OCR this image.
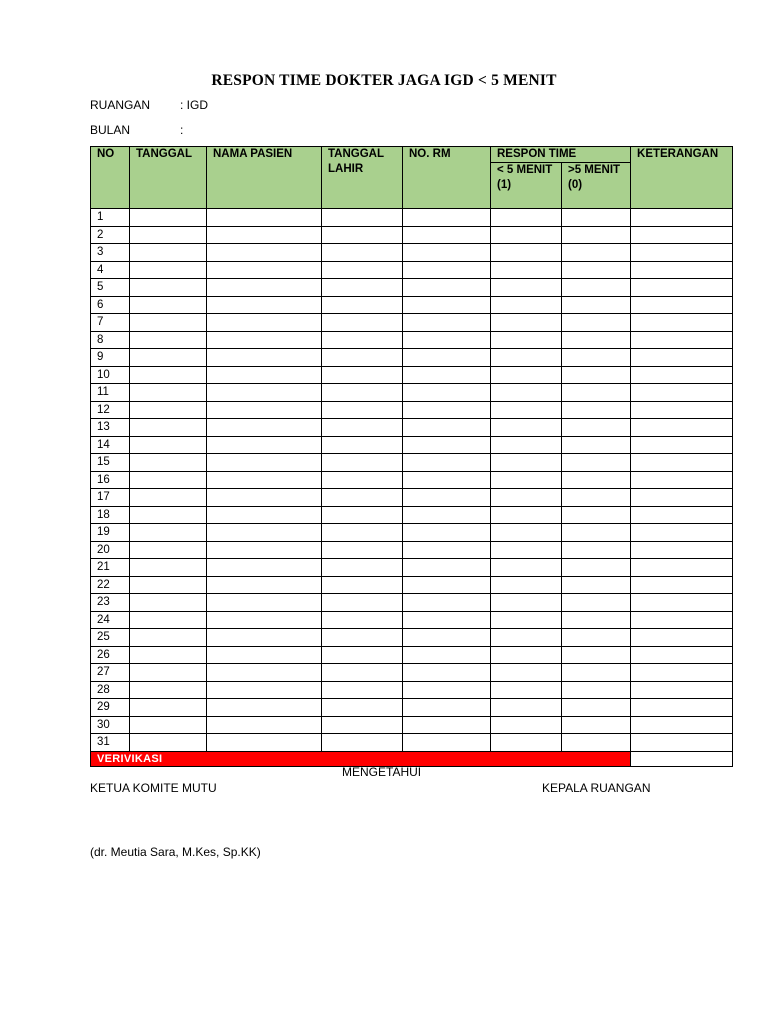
RESPON TIME DOKTER JAGA IGD < 5 MENIT
RUANGAN : IGD
BULAN	:
NO	TANGGAL	NAMA PASIEN	TANGGAL LAHIR	NO. RM	RESPON TIME		KETERANGAN
					< 5 MENIT (1)	>5 MENIT (0)	
1							
2							
3							
4							
5							
6							
7							
8							
9							
10							
11							
12							
13							
14							
15							
16							
17							
18							
19							
20							
21							
22							
23							
24							
25							
26							
27							
28							
29							
30							
31							
VERIVIKASI							
MENGETAHUI
KETUA KOMITE MUTU	KEPALA RUANGAN
(dr. Meutia Sara, M.Kes, Sp.KK)
